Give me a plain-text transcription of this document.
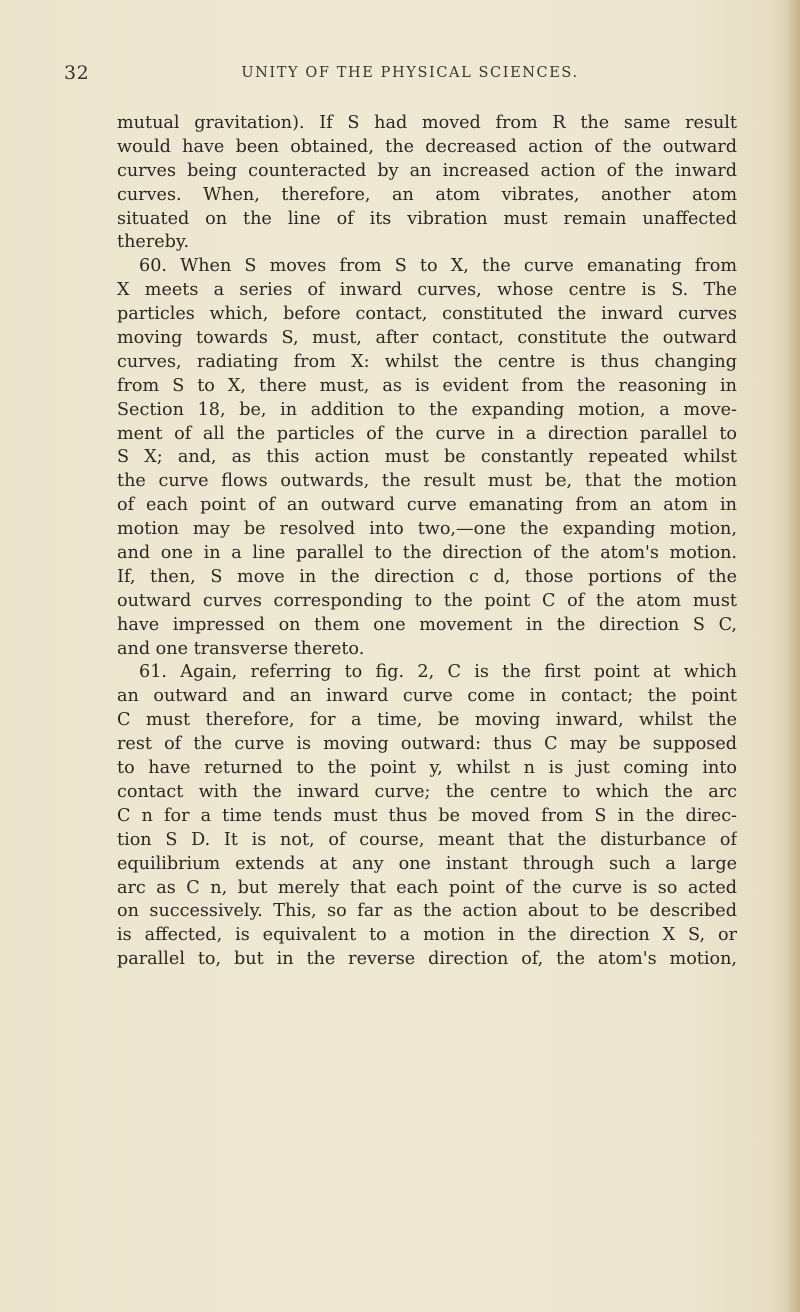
32	UNITY OF THE PHYSICAL SCIENCES.
mutual gravitation). If S had moved from R the same result
would have been obtained, the decreased action of the outward
curves being counteracted by an increased action of the inward
curves. When, therefore, an atom vibrates, another atom
situated on the line of its vibration must remain unaffected
thereby.
60. When S moves from S to X, the curve emanating from
X meets a series of inward curves, whose centre is S. The
particles which, before contact, constituted the inward curves
moving towards S, must, after contact, constitute the outward
curves, radiating from X: whilst the centre is thus changing
from S to X, there must, as is evident from the reasoning in
Section 18, be, in addition to the expanding motion, a move-
ment of all the particles of the curve in a direction parallel to
S X; and, as this action must be constantly repeated whilst
the curve flows outwards, the result must be, that the motion
of each point of an outward curve emanating from an atom in
motion may be resolved into two,—one the expanding motion,
and one in a line parallel to the direction of the atom's motion.
If, then, S move in the direction c d, those portions of the
outward curves corresponding to the point C of the atom must
have impressed on them one movement in the direction S C,
and one transverse thereto.
61. Again, referring to fig. 2, C is the first point at which
an outward and an inward curve come in contact; the point
C must therefore, for a time, be moving inward, whilst the
rest of the curve is moving outward: thus C may be supposed
to have returned to the point y, whilst n is just coming into
contact with the inward curve; the centre to which the arc
C n for a time tends must thus be moved from S in the direc-
tion S D. It is not, of course, meant that the disturbance of
equilibrium extends at any one instant through such a large
arc as C n, but merely that each point of the curve is so acted
on successively. This, so far as the action about to be described
is affected, is equivalent to a motion in the direction X S, or
parallel to, but in the reverse direction of, the atom's motion,
